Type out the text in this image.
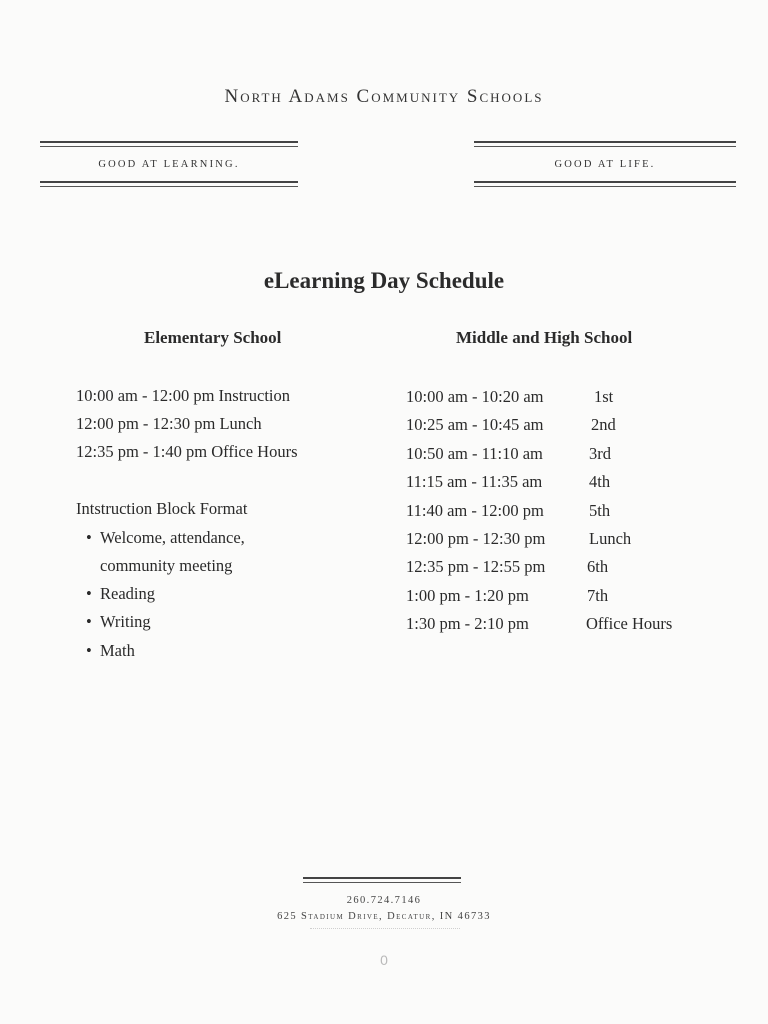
North Adams Community Schools
GOOD AT LEARNING.	GOOD AT LIFE.
eLearning Day Schedule
Elementary School	Middle and High School
10:00 am - 12:00 pm Instruction
12:00 pm - 12:30 pm Lunch
12:35 pm - 1:40 pm Office Hours
Intstruction Block Format
• Welcome, attendance,
community meeting
• Reading
• Writing
• Math
10:00 am - 10:20 am	1st
10:25 am - 10:45 am	2nd
10:50 am - 11:10 am	3rd
11:15 am - 11:35 am	4th
11:40 am - 12:00 pm	5th
12:00 pm - 12:30 pm	Lunch
12:35 pm - 12:55 pm	6th
1:00 pm - 1:20 pm	7th
1:30 pm - 2:10 pm	Office Hours
260.724.7146
625 Stadium Drive, Decatur, IN 46733
0
